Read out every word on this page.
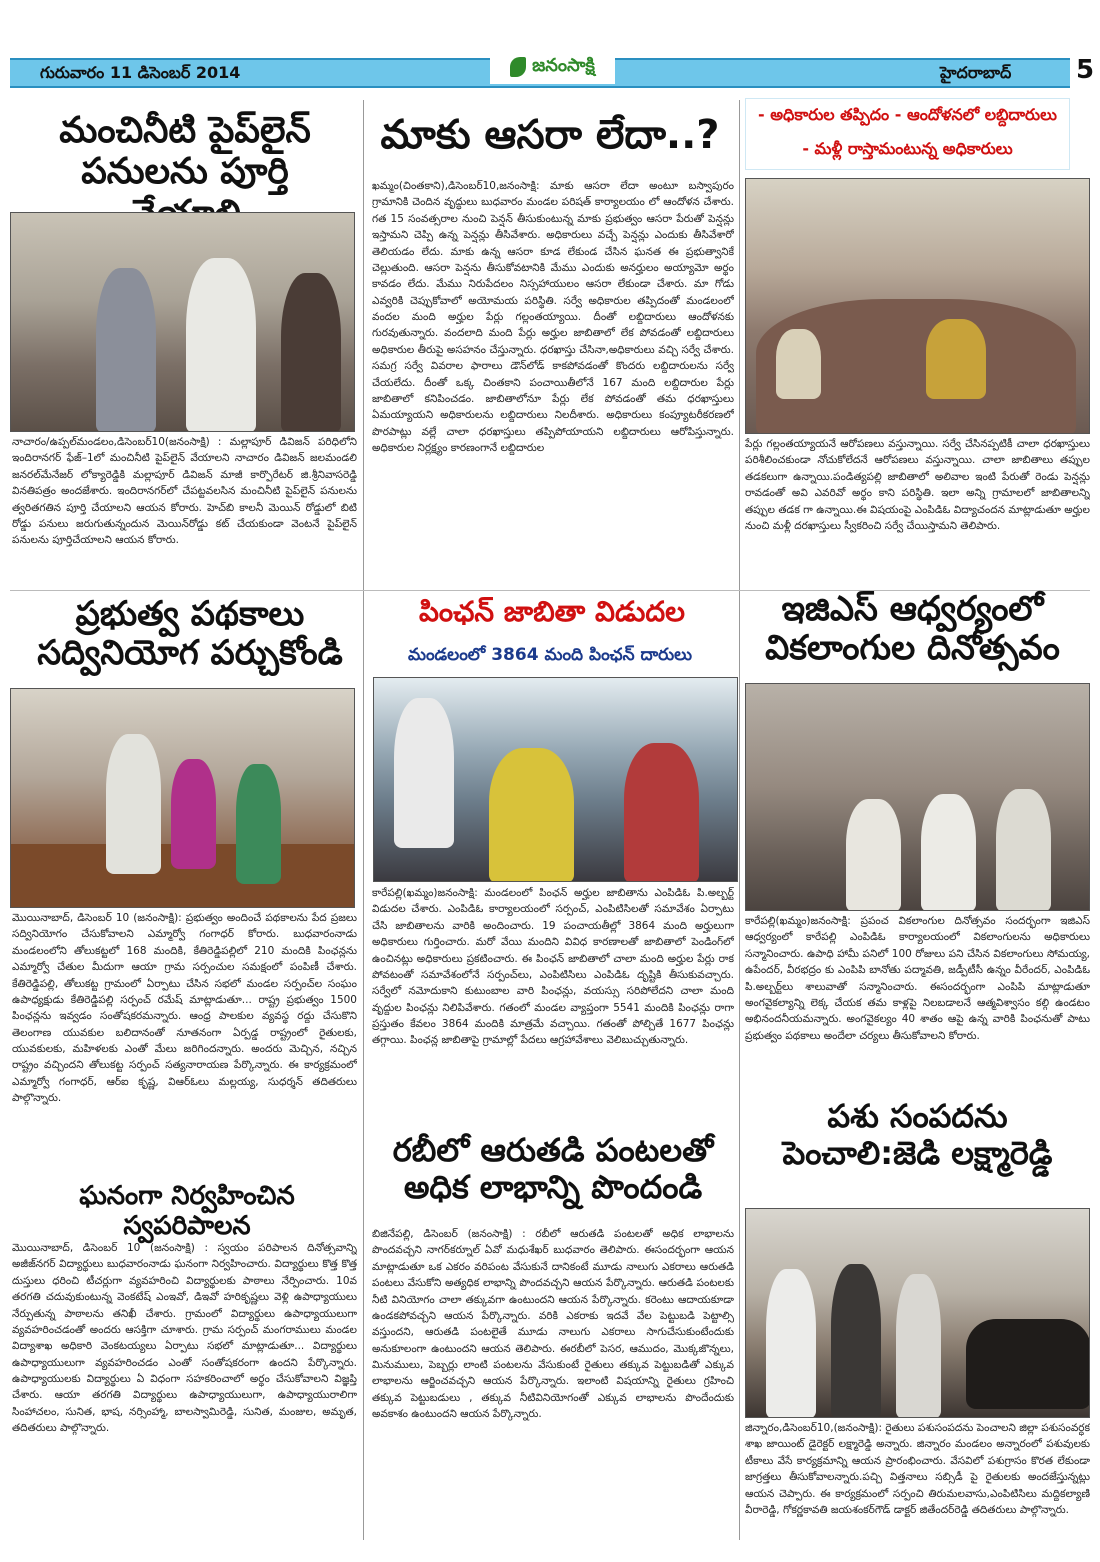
గురువారం 11 డిసెంబర్ 2014	జనంసాక్షి	హైదరాబాద్ 5
మంచినీటి పైప్‌లైన్ పనులను పూర్తి
నాచారం/ఉప్పల్‌మండలం,డిసెంబర్10(జనంసాక్షి) : మల్లాపూర్ డివిజన్ పరిధిలోని ఇందిరానగర్ ఫేజ్–1లో మంచినీటి పైప్‌లైన్ వేయాలని నాచారం డివిజన్ జలమండలి జనరల్‌మేనేజర్ లోక్యారెడ్డికి మల్లాపూర్ డివిజన్ మాజీ కార్పొరేటర్ జి.శ్రీనివాసరెడ్డి వినతిపత్రం అందజేశారు. ఇందిరానగర్‌లో చేపట్టవలసిన మంచినీటి పైప్‌లైన్ పనులను త్వరితగతిన పూర్తి చేయాలని ఆయన కోరారు. హెచ్‌బి కాలనీ మెయిన్ రోడ్డులో బిటి రోడ్డు పనులు జరుగుతున్నందున మెయిన్‌రోడ్డు కట్ చేయకుండా వెంటనే పైప్‌లైన్ పనులను పూర్తిచేయాలని ఆయన కోరారు.
మాకు ఆసరా లేదా..?
ఖమ్మం(చింతకాని),డిసెంబర్10,జనంసాక్షి: మాకు ఆసరా లేదా అంటూ బస్వాపురం గ్రామానికి చెందిన వృద్ధులు బుధవారం మండల పరిషత్ కార్యాలయం లో ఆందోళన చేశారు. గత 15 సంవత్సరాల నుంచి పెన్షన్ తీసుకుంటున్న మాకు ప్రభుత్వం ఆసరా పేరుతో పెన్షన్లు ఇస్తామని చెప్పి ఉన్న పెన్షన్లు తీసివేశారు. అధికారులు వచ్చే పెన్షన్లు ఎందుకు తీసివేశారో తెలియడం లేదు. మాకు ఉన్న ఆసరా కూడ లేకుండ చేసిన ఘనత ఈ ప్రభుత్వానికే చెల్లుతుంది. ఆసరా పెన్షను తీసుకోవటానికి మేము ఎందుకు అనర్హులం అయ్యామో అర్థం కావడం లేదు. మేము నిరుపేదలం నిస్సహాయులం ఆసరా లేకుండా చేశారు. మా గోడు ఎవ్వరికి చెప్పుకోవాలో అయోమయ పరిస్థితి. సర్వే అధికారుల తప్పిదంతో మండలంలో వందల మంది అర్హుల పేర్లు గల్లంతయ్యాయి. దీంతో లబ్దిదారులు ఆందోళనకు గురవుతున్నారు. వందలాది మంది పేర్లు అర్హుల జాబితాలో లేక పోవడంతో లబ్దిదారులు అధికారుల తీరుపై అసహనం చేస్తున్నారు. ధరఖాస్తు చేసినా,అధికారులు వచ్చి సర్వే చేశారు. సమగ్ర సర్వే వివరాల ఫారాలు డౌన్‌లోడ్ కాకపోవడంతో కొందరు లబ్దిదారులను సర్వే చేయలేదు. దీంతో ఒక్క చింతకాని పంచాయితీలోనే 167 మంది లబ్దిదారుల పేర్లు జాబితాలో కనిపించడం. జాబితాలోనూ పేర్లు లేక పోవడంతో తమ ధరఖాస్తులు ఏమయ్యాయని అధికారులను లబ్దిదారులు నిలదీశారు. అధికారులు కంప్యూటరీకరణలో పొరపాట్లు వల్లే చాలా ధరఖాస్తులు తప్పిపోయాయని లబ్దిదారులు ఆరోపిస్తున్నారు. అధికారుల నిర్లక్ష్యం కారణంగానే లబ్దిదారుల
- అధికారుల తప్పిదం - ఆందోళనలో లబ్దిదారులు
- మళ్లీ రాస్తామంటున్న అధికారులు
పేర్లు గల్లంతయ్యాయనే ఆరోపణలు వస్తున్నాయి. సర్వే చేసినప్పటికీ చాలా ధరఖాస్తులు పరిశీలించకుండా నోచుకోలేదనే ఆరోపణలు వస్తున్నాయి. చాలా జాబితాలు తప్పుల తడకలుగా ఉన్నాయి.పండిత్యపల్లి జాబితాలో అలివాల ఇంటి పేరుతో రెండు పెన్షన్లు రావడంతో అవి ఎవరివో అర్థం కాని పరిస్థితి. ఇలా అన్ని గ్రామాలలో జాబితాలన్ని తప్పుల తడక గా ఉన్నాయి.ఈ విషయంపై ఎంపిడిఓ విద్యాచందన మాట్లాడుతూ అర్హుల నుంచి మళ్లీ దరఖాస్తులు స్వీకరించి సర్వే చేయిస్తామని తెలిపారు.
ప్రభుత్వ పథకాలు సద్వినియోగ పర్చుకోండి
మొయినాబాద్, డిసెంబర్ 10 (జనంసాక్షి): ప్రభుత్వం అందించే పథకాలను పేద ప్రజలు సద్వినియోగం చేసుకోవాలని ఎమ్మార్వో గంగాధర్ కోరారు. బుధవారంనాడు మండలంలోని తోలుకట్టలో 168 మందికి, కేతిరెడ్డిపల్లిలో 210 మందికి పింఛన్లను ఎమ్మార్వో చేతుల మీదుగా ఆయా గ్రామ సర్పంచుల సమక్షంలో పంపిణీ చేశారు. కేతిరెడ్డిపల్లి, తోలుకట్ట గ్రామంలో ఏర్పాటు చేసిన సభలో మండల సర్పంచ్‌ల సంఘం ఉపాధ్యక్షుడు కేతిరెడ్డిపల్లి సర్పంచ్ రమేష్ మాట్లాడుతూ... రాష్ట్ర ప్రభుత్వం 1500 పింఛన్లను ఇవ్వడం సంతోషకరమన్నారు. ఆంధ్ర పాలకుల వ్యవస్థ రద్దు చేసుకొని తెలంగాణ యువకుల బలిదానంతో నూతనంగా ఏర్పడ్డ రాష్ట్రంలో రైతులకు, యువకులకు, మహిళలకు ఎంతో మేలు జరిగిందన్నారు. అందరు మెచ్చిన, నచ్చిన రాష్ట్రం వచ్చిందని తోలుకట్ట సర్పంచ్ సత్యనారాయణ పేర్కొన్నారు. ఈ కార్యక్రమంలో ఎమ్మార్వో గంగాధర్, ఆర్‌ఐ కృష్ణ, విఆర్‌ఓలు మల్లయ్య, సుధర్శన్ తదితరులు పాల్గొన్నారు.
పింఛన్ జాబితా విడుదల
మండలంలో 3864 మంది పింఛన్ దారులు
కారేపల్లి(ఖమ్మం)జనంసాక్షి: మండలంలో పింఛన్ అర్హుల జాబితాను ఎంపిడిఓ పి.అల్బర్ట్ విడుదల చేశారు. ఎంపిడిఓ కార్యాలయంలో సర్పంచ్, ఎంపిటిసిలతో సమావేశం ఏర్పాటు చేసి జాబితాలను వారికి అందించారు. 19 పంచాయతీల్లో 3864 మంది అర్హులుగా అధికారులు గుర్తించారు. మరో వేయి మందిని వివిధ కారణాలతో జాబితాలో పెండింగ్‌లో ఉంచినట్లు అధికారులు ప్రకటించారు. ఈ పింఛన్ జాబితాలో చాలా మంది అర్హుల పేర్లు రాక పోవటంతో సమావేశంలోనే సర్పంచ్‌లు, ఎంపిటిసిలు ఎంపిడిఓ దృష్టికి తీసుకువచ్చారు. సర్వేలో నమోదుకాని కుటుంబాల వారి పింఛన్లు, వయస్సు సరిపోలేదని చాలా మంది వృద్దుల పింఛన్లు నిలిపివేశారు. గతంలో మండల వ్యాప్తంగా 5541 మందికి పింఛన్లు రాగా ప్రస్తుతం కేవలం 3864 మందికి మాత్రమే వచ్చాయి. గతంతో పోల్చితే 1677 పింఛన్లు తగ్గాయి. పింఛన్ల జాబితాపై గ్రామాల్లో పేదలు ఆగ్రహావేశాలు వెలిబుచ్చుతున్నారు.
ఇజిఎస్ ఆధ్వర్యంలో వికలాంగుల దినోత్సవం
కారేపల్లి(ఖమ్మం)జనంసాక్షి: ప్రపంచ వికలాంగుల దినోత్సవం సందర్భంగా ఇజిఎస్ ఆధ్వర్యంలో కారేపల్లి ఎంపిడిఓ కార్యాలయంలో వికలాంగులను అధికారులు సన్మానించారు. ఉపాధి హామీ పనిలో 100 రోజులు పని చేసిన వికలాంగులు సోమయ్య, ఉపేందర్, వీరభద్రం కు ఎంపిపి బానోతు పద్మావతి, జడ్పీటీసీ ఉన్నం వీరేందర్, ఎంపిడిఓ పి.అల్బర్ట్‌లు శాలువాతో సన్మానించారు. ఈసందర్భంగా ఎంపిపి మాట్లాడుతూ అంగవైకల్యాన్ని లెక్క చేయక తమ కాళ్లపై నిలబడాలనే ఆత్మవిశ్వాసం కల్గి ఉండటం అభినందనీయమన్నారు. అంగవైకల్యం 40 శాతం ఆపై ఉన్న వారికి పింఛనుతో పాటు ప్రభుత్వం పథకాలు అందేలా చర్యలు తీసుకోవాలని కోరారు.
ఘనంగా నిర్వహించిన స్వపరిపాలన
మొయినాబాద్, డిసెంబర్ 10 (జనంసాక్షి) : స్వయం పరిపాలన దినోత్సవాన్ని అజీజ్‌నగర్ విద్యార్థులు బుధవారంనాడు ఘనంగా నిర్వహించారు. విద్యార్థులు కొత్త కొత్త దుస్తులు ధరించి టీచర్లుగా వ్యవహరించి విద్యార్థులకు పాఠాలు నేర్పించారు. 10వ తరగతి చదువుకుంటున్న వెంకటేష్ ఎంఇవో, డిఇవో హరికృష్ణలు వెళ్లి ఉపాధ్యాయులు నేర్పుతున్న పాఠాలను తనిఖీ చేశారు. గ్రామంలో విద్యార్థులు ఉపాధ్యాయులుగా వ్యవహరించడంతో అందరు ఆసక్తిగా చూశారు. గ్రామ సర్పంచ్ మంగరాములు మండల విద్యాశాఖ అధికారి వెంకటయ్యలు ఏర్పాటు సభలో మాట్లాడుతూ... విద్యార్థులు ఉపాధ్యాయులుగా వ్యవహరించడం ఎంతో సంతోషకరంగా ఉందని పేర్కొన్నారు. ఉపాధ్యాయులకు విద్యార్థులు ఏ విధంగా సహకరించాలో అర్థం చేసుకోవాలని విజ్ఞప్తి చేశారు. ఆయా తరగతి విద్యార్థులు ఉపాధ్యాయులుగా, ఉపాధ్యాయురాలిగా సింహాచలం, సునిత, భాష, నర్సింహ్మా, బాలస్వామిరెడ్డి, సునిత, మంజుల, అమృత, తదితరులు పాల్గొన్నారు.
రబీలో ఆరుతడి పంటలతో అధిక లాభాన్ని పొందండి
బిజినేపల్లి, డిసెంబర్ (జనంసాక్షి) : రబీలో ఆరుతడి పంటలతో అధిక లాభాలను పొందవచ్చని నాగర్‌కర్నూల్ ఏవో మధుశేఖర్ బుధవారం తెలిపారు. ఈసందర్భంగా ఆయన మాట్లాడుతూ ఒక ఎకరం వరిపంట వేసుకునే దానికంటే మూడు నాలుగు ఎకరాలు ఆరుతడి పంటలు వేసుకోని అత్యధిక లాభాన్ని పొందవచ్చని ఆయన పేర్కొన్నారు. ఆరుతడి పంటలకు నీటి వినియోగం చాలా తక్కువగా ఉంటుందని ఆయన పేర్కొన్నారు. కరెంటు ఆదాయకూడా ఉండకపోవచ్చని ఆయన పేర్కొన్నారు. వరికి ఎకరాకు ఇదవే వేల పెట్టుబడి పెట్టాల్సి వస్తుందని, ఆరుతడి పంటలైతే మూడు నాలుగు ఎకరాలు సాగుచేసుకుంటేందుకు అనుకూలంగా ఉంటుందని ఆయన తెలిపారు. ఈరబీలో పెసర, ఆముదం, మొక్కజొన్నలు, మినుములు, పెబ్బర్లు లాంటి పంటలను వేసుకుంటే రైతులు తక్కువ పెట్టుబడితో ఎక్కువ లాభాలను ఆర్జించవచ్చని ఆయన పేర్కొన్నారు. ఇలాంటి విషయాన్ని రైతులు గ్రహించి తక్కువ పెట్టుబడులు , తక్కువ నీటివినియోగంతో ఎక్కువ లాభాలను పొందేందుకు అవకాశం ఉంటుందని ఆయన పేర్కొన్నారు.
పశు సంపదను పెంచాలి:జెడి లక్ష్మారెడ్డి
జిన్నారం,డిసెంబర్10,(జనంసాక్షి): రైతులు పశుసంపదను పెంచాలని జిల్లా పశుసంవర్ధక శాఖ జాయింట్ డైరెక్టర్ లక్ష్మారెడ్డి అన్నారు. జిన్నారం మండలం అన్నారంలో పశువులకు టీకాలు వేసే కార్యక్రమాన్ని ఆయన ప్రారంభించారు. వేసవిలో పశుగ్రాసం కొరత లేకుండా జాగ్రత్తలు తీసుకోవాలన్నారు.పచ్చి విత్తనాలు సబ్సిడీ పై రైతులకు అందజేస్తున్నట్లు ఆయన చెప్పారు. ఈ కార్యక్రమంలో సర్పంచి తిరుమలవాసు,ఎంపిటిసిలు మద్దికల్యాణి వీరారెడ్డి, గోకర్ణకావతి జయశంకర్‌గౌడ్ డాక్టర్ జితేందర్‌రెడ్డి తదితరులు పాల్గొన్నారు.
